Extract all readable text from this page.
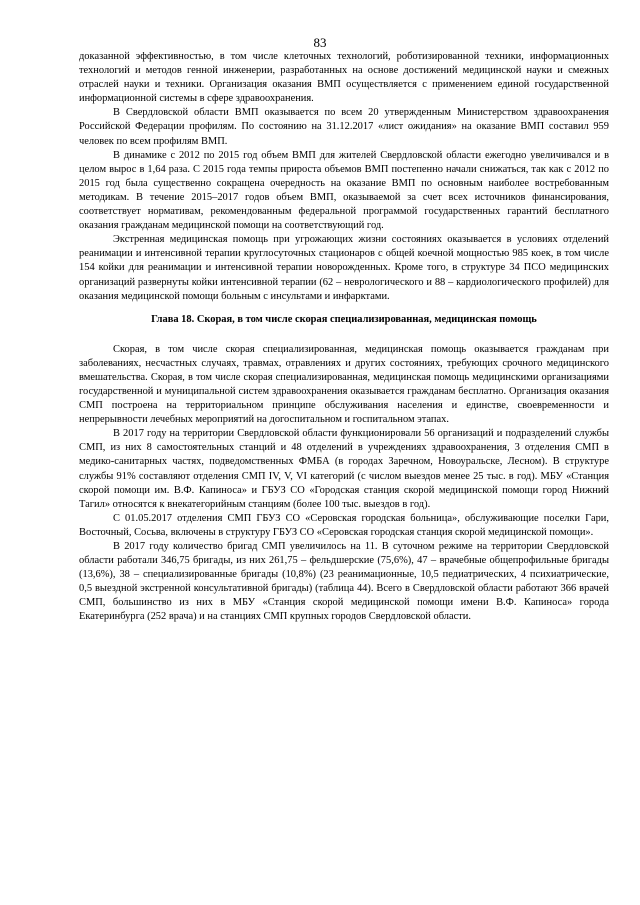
83

доказанной эффективностью, в том числе клеточных технологий, роботизированной техники, информационных технологий и методов генной инженерии, разработанных на основе достижений медицинской науки и смежных отраслей науки и техники. Организация оказания ВМП осуществляется с применением единой государственной информационной системы в сфере здравоохранения.

В Свердловской области ВМП оказывается по всем 20 утвержденным Министерством здравоохранения Российской Федерации профилям. По состоянию на 31.12.2017 «лист ожидания» на оказание ВМП составил 959 человек по всем профилям ВМП.

В динамике с 2012 по 2015 год объем ВМП для жителей Свердловской области ежегодно увеличивался и в целом вырос в 1,64 раза. С 2015 года темпы прироста объемов ВМП постепенно начали снижаться, так как с 2012 по 2015 год была существенно сокращена очередность на оказание ВМП по основным наиболее востребованным методикам. В течение 2015–2017 годов объем ВМП, оказываемой за счет всех источников финансирования, соответствует нормативам, рекомендованным федеральной программой государственных гарантий бесплатного оказания гражданам медицинской помощи на соответствующий год.

Экстренная медицинская помощь при угрожающих жизни состояниях оказывается в условиях отделений реанимации и интенсивной терапии круглосуточных стационаров с общей коечной мощностью 985 коек, в том числе 154 койки для реанимации и интенсивной терапии новорожденных. Кроме того, в структуре 34 ПСО медицинских организаций развернуты койки интенсивной терапии (62 – неврологического и 88 – кардиологического профилей) для оказания медицинской помощи больным с инсультами и инфарктами.

Глава 18. Скорая, в том числе скорая специализированная, медицинская помощь

Скорая, в том числе скорая специализированная, медицинская помощь оказывается гражданам при заболеваниях, несчастных случаях, травмах, отравлениях и других состояниях, требующих срочного медицинского вмешательства. Скорая, в том числе скорая специализированная, медицинская помощь медицинскими организациями государственной и муниципальной систем здравоохранения оказывается гражданам бесплатно. Организация оказания СМП построена на территориальном принципе обслуживания населения и единстве, своевременности и непрерывности лечебных мероприятий на догоспитальном и госпитальном этапах.

В 2017 году на территории Свердловской области функционировали 56 организаций и подразделений службы СМП, из них 8 самостоятельных станций и 48 отделений в учреждениях здравоохранения, 3 отделения СМП в медико-санитарных частях, подведомственных ФМБА (в городах Заречном, Новоуральске, Лесном). В структуре службы 91% составляют отделения СМП IV, V, VI категорий (с числом выездов менее 25 тыс. в год). МБУ «Станция скорой помощи им. В.Ф. Капиноса» и ГБУЗ СО «Городская станция скорой медицинской помощи город Нижний Тагил» относятся к внекатегорийным станциям (более 100 тыс. выездов в год).

С 01.05.2017 отделения СМП ГБУЗ СО «Серовская городская больница», обслуживающие поселки Гари, Восточный, Сосьва, включены в структуру ГБУЗ СО «Серовская городская станция скорой медицинской помощи».

В 2017 году количество бригад СМП увеличилось на 11. В суточном режиме на территории Свердловской области работали 346,75 бригады, из них 261,75 – фельдшерские (75,6%), 47 – врачебные общепрофильные бригады (13,6%), 38 – специализированные бригады (10,8%) (23 реанимационные, 10,5 педиатрических, 4 психиатрические, 0,5 выездной экстренной консультативной бригады) (таблица 44). Всего в Свердловской области работают 366 врачей СМП, большинство из них в МБУ «Станция скорой медицинской помощи имени В.Ф. Капиноса» города Екатеринбурга (252 врача) и на станциях СМП крупных городов Свердловской области.
